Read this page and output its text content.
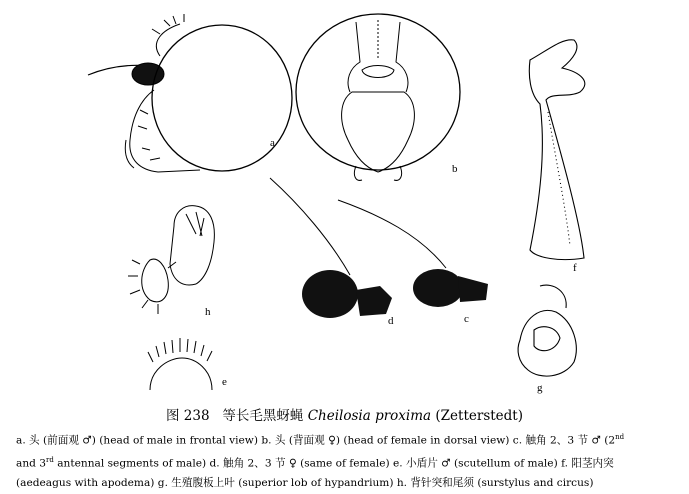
a
b
c
d
e
f
g
h
图 238 等长毛黑蚜蝇 Cheilosia proxima (Zetterstedt)
a. 头 (前面观 ♂) (head of male in frontal view) b. 头 (背面观 ♀) (head of female in dorsal view) c. 触角 2、3 节 ♂ (2nd
and 3rd antennal segments of male) d. 触角 2、3 节 ♀ (same of female) e. 小盾片 ♂ (scutellum of male) f. 阳茎内突
(aedeagus with apodema) g. 生殖腹板上叶 (superior lob of hypandrium) h. 背针突和尾须 (surstylus and circus)
